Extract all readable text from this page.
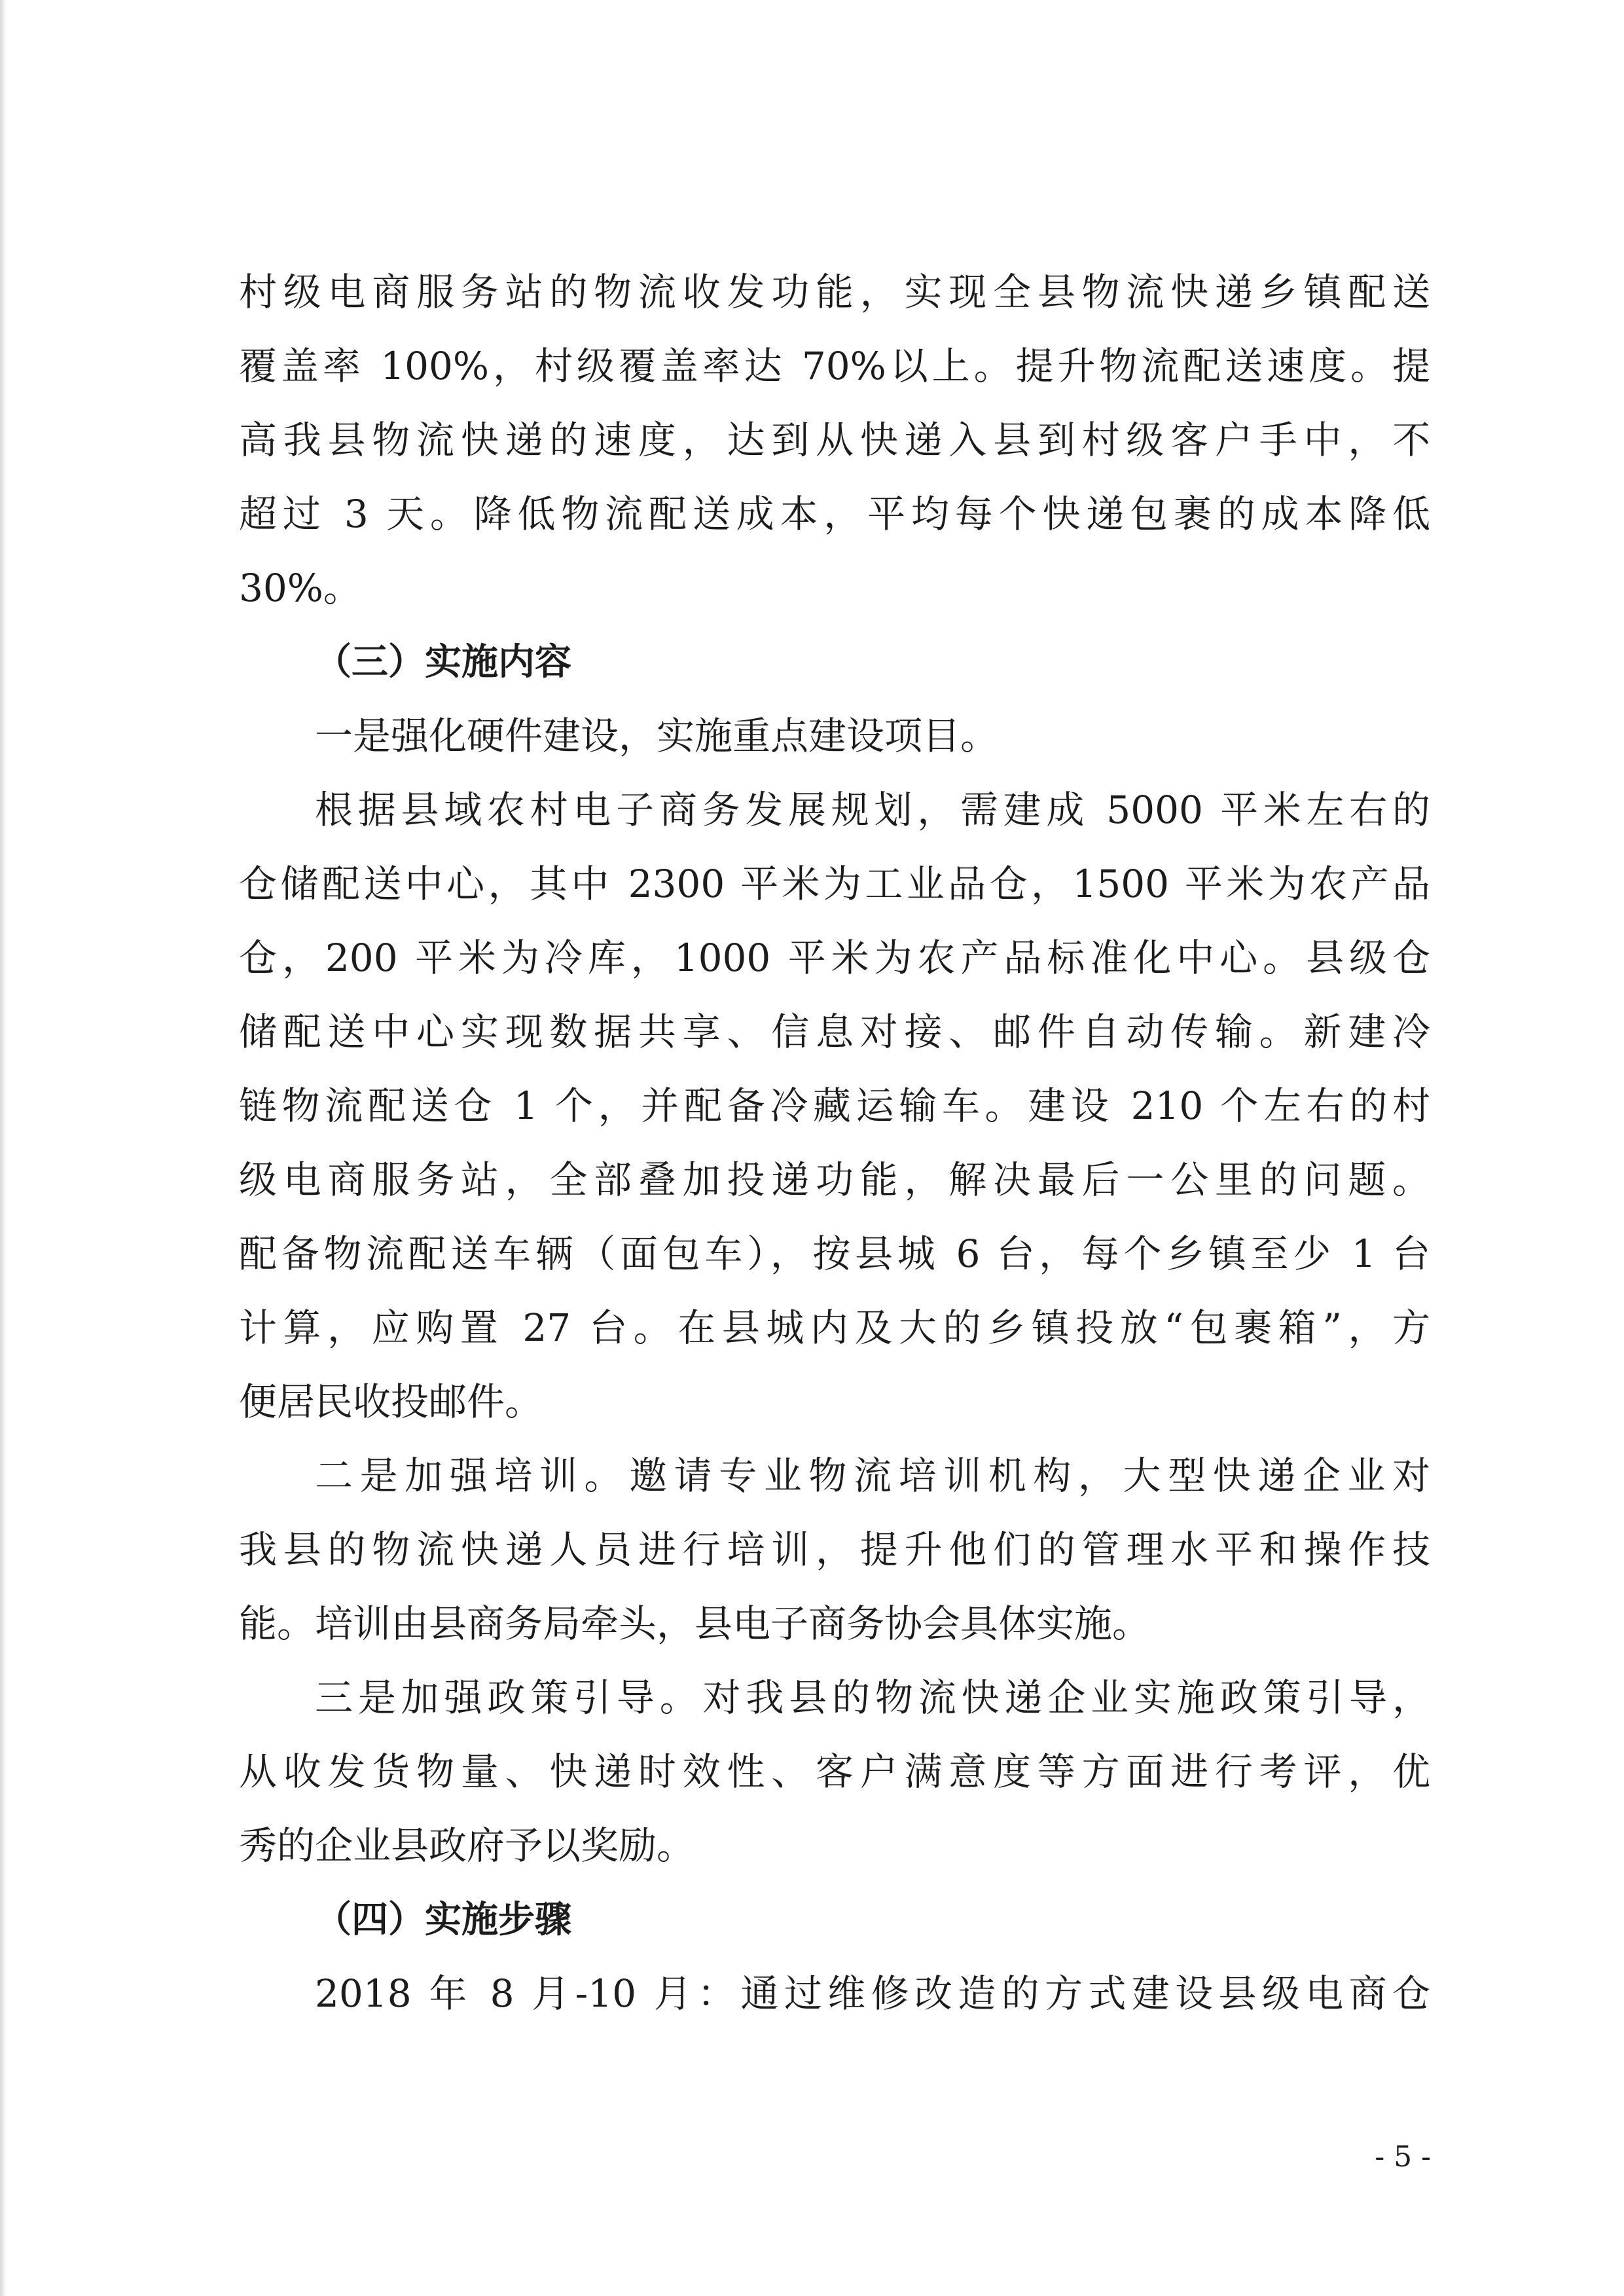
村级电商服务站的物流收发功能，实现全县物流快递乡镇配送
覆盖率 100%，村级覆盖率达 70%以上。提升物流配送速度。提
高我县物流快递的速度，达到从快递入县到村级客户手中，不
超过 3 天。降低物流配送成本，平均每个快递包裹的成本降低
30%。
（三）实施内容
一是强化硬件建设，实施重点建设项目。
根据县域农村电子商务发展规划，需建成 5000 平米左右的
仓储配送中心，其中 2300 平米为工业品仓，1500 平米为农产品
仓，200 平米为冷库，1000 平米为农产品标准化中心。县级仓
储配送中心实现数据共享、信息对接、邮件自动传输。新建冷
链物流配送仓 1 个，并配备冷藏运输车。建设 210 个左右的村
级电商服务站，全部叠加投递功能，解决最后一公里的问题。
配备物流配送车辆（面包车），按县城 6 台，每个乡镇至少 1 台
计算，应购置 27 台。在县城内及大的乡镇投放“包裹箱”，方
便居民收投邮件。
二是加强培训。邀请专业物流培训机构，大型快递企业对
我县的物流快递人员进行培训，提升他们的管理水平和操作技
能。培训由县商务局牵头，县电子商务协会具体实施。
三是加强政策引导。对我县的物流快递企业实施政策引导，
从收发货物量、快递时效性、客户满意度等方面进行考评，优
秀的企业县政府予以奖励。
（四）实施步骤
2018 年 8 月-10 月：通过维修改造的方式建设县级电商仓
- 5 -
